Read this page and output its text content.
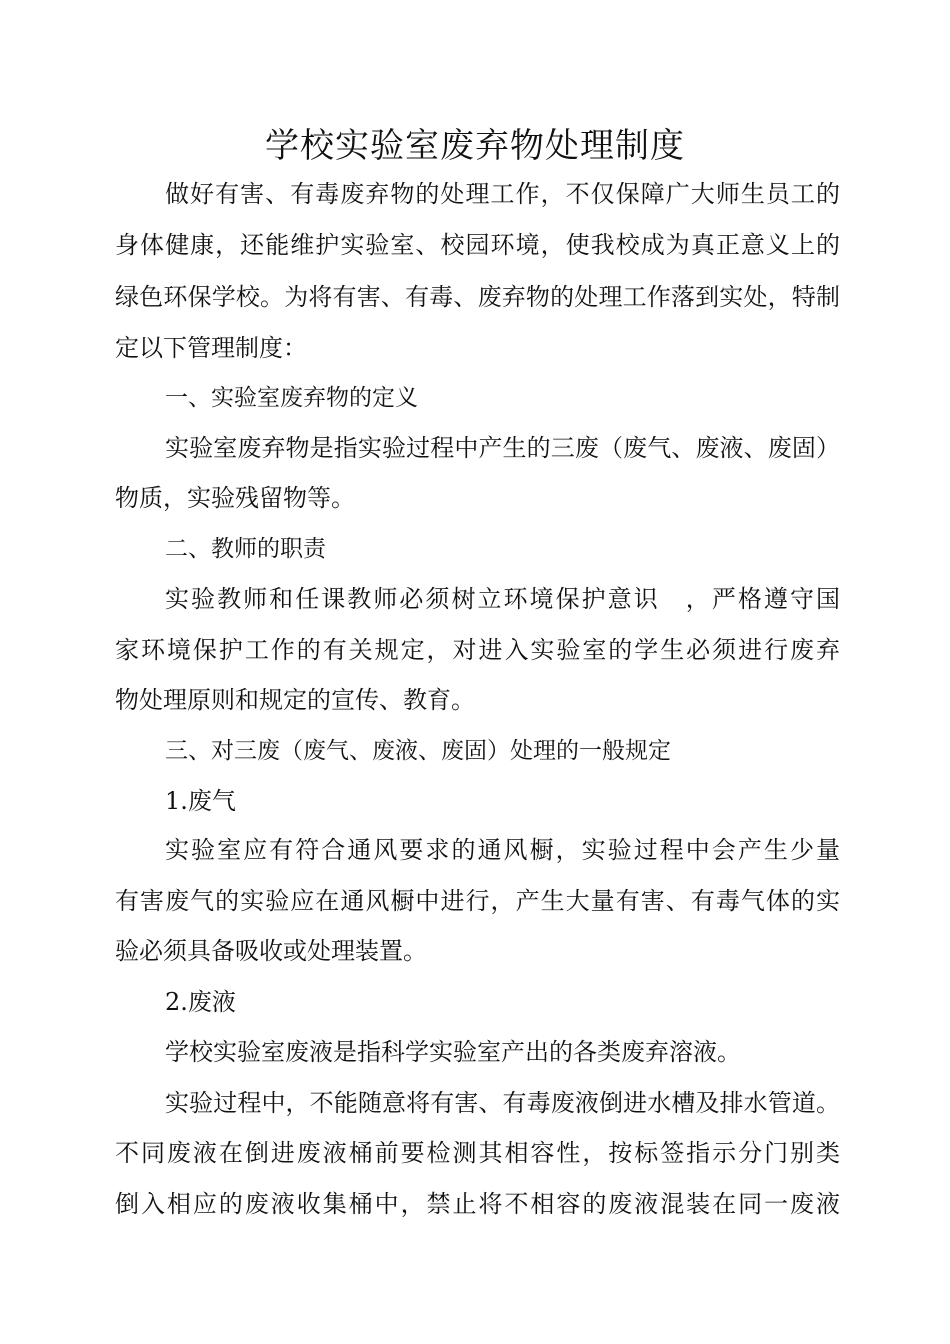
学校实验室废弃物处理制度

做好有害、有毒废弃物的处理工作，不仅保障广大师生员工的

身体健康，还能维护实验室、校园环境，使我校成为真正意义上的

绿色环保学校。为将有害、有毒、废弃物的处理工作落到实处，特制

定以下管理制度：

一、实验室废弃物的定义

实验室废弃物是指实验过程中产生的三废（废气、废液、废固）

物质，实验残留物等。

二、教师的职责

实验教师和任课教师必须树立环境保护意识　，严格遵守国

家环境保护工作的有关规定，对进入实验室的学生必须进行废弃

物处理原则和规定的宣传、教育。

三、对三废（废气、废液、废固）处理的一般规定

1.废气

实验室应有符合通风要求的通风橱，实验过程中会产生少量

有害废气的实验应在通风橱中进行，产生大量有害、有毒气体的实

验必须具备吸收或处理装置。

2.废液

学校实验室废液是指科学实验室产出的各类废弃溶液。

实验过程中，不能随意将有害、有毒废液倒进水槽及排水管道。

不同废液在倒进废液桶前要检测其相容性，按标签指示分门别类

倒入相应的废液收集桶中，禁止将不相容的废液混装在同一废液
